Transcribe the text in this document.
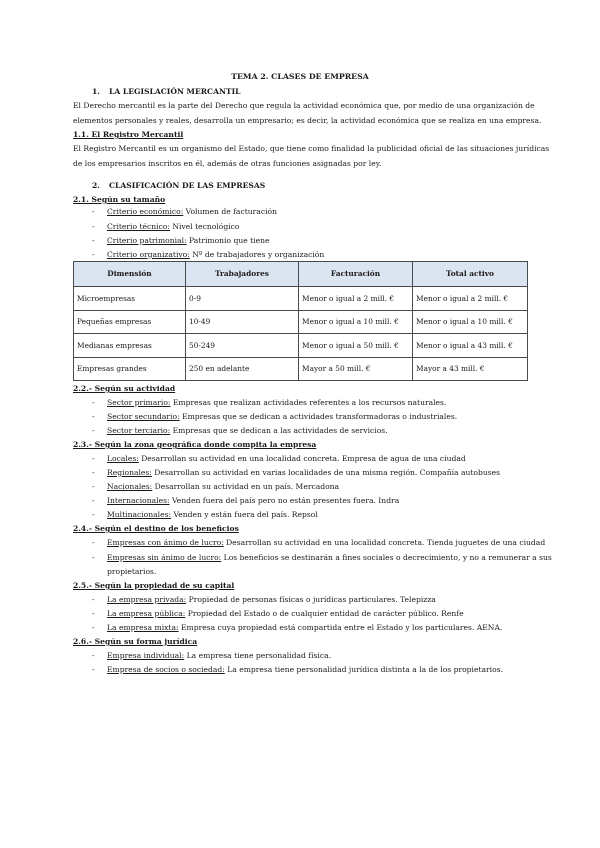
TEMA 2. CLASES DE EMPRESA
1. LA LEGISLACIÓN MERCANTIL
El Derecho mercantil es la parte del Derecho que regula la actividad económica que, por medio de una organización de
elementos personales y reales, desarrolla un empresario; es decir, la actividad económica que se realiza en una empresa.
1.1. El Registro Mercantil
El Registro Mercantil es un organismo del Estado, que tiene como finalidad la publicidad oficial de las situaciones jurídicas
de los empresarios inscritos en él, además de otras funciones asignadas por ley.
2. CLASIFICACIÓN DE LAS EMPRESAS
2.1. Según su tamaño
- Criterio económico: Volumen de facturación
- Criterio técnico: Nivel tecnológico
- Criterio patrimonial: Patrimonio que tiene
- Criterio organizativo: Nº de trabajadores y organización
Dimensión	Trabajadores	Facturación	Total activo
Microempresas	0-9	Menor o igual a 2 mill. €	Menor o igual a 2 mill. €
Pequeñas empresas	10-49	Menor o igual a 10 mill. €	Menor o igual a 10 mill. €
Medianas empresas	50-249	Menor o igual a 50 mill. €	Menor o igual a 43 mill. €
Empresas grandes	250 en adelante	Mayor a 50 mill. €	Mayor a 43 mill. €
2.2.- Según su actividad
- Sector primario: Empresas que realizan actividades referentes a los recursos naturales.
- Sector secundario: Empresas que se dedican a actividades transformadoras o industriales.
- Sector terciario: Empresas que se dedican a las actividades de servicios.
2.3.- Según la zona geográfica donde compita la empresa
- Locales: Desarrollan su actividad en una localidad concreta. Empresa de agua de una ciudad
- Regionales: Desarrollan su actividad en varias localidades de una misma región. Compañía autobuses
- Nacionales: Desarrollan su actividad en un país. Mercadona
- Internacionales: Venden fuera del país pero no están presentes fuera. Indra
- Multinacionales: Venden y están fuera del país. Repsol
2.4.- Según el destino de los beneficios
- Empresas con ánimo de lucro: Desarrollan su actividad en una localidad concreta. Tienda juguetes de una ciudad
- Empresas sin ánimo de lucro: Los beneficios se destinarán a fines sociales o decrecimiento, y no a remunerar a sus
propietarios.
2.5.- Según la propiedad de su capital
- La empresa privada: Propiedad de personas físicas o jurídicas particulares. Telepizza
- La empresa pública: Propiedad del Estado o de cualquier entidad de carácter público. Renfe
- La empresa mixta: Empresa cuya propiedad está compartida entre el Estado y los particulares. AENA.
2.6.- Según su forma jurídica
- Empresa individual: La empresa tiene personalidad física.
- Empresa de socios o sociedad: La empresa tiene personalidad jurídica distinta a la de los propietarios.
